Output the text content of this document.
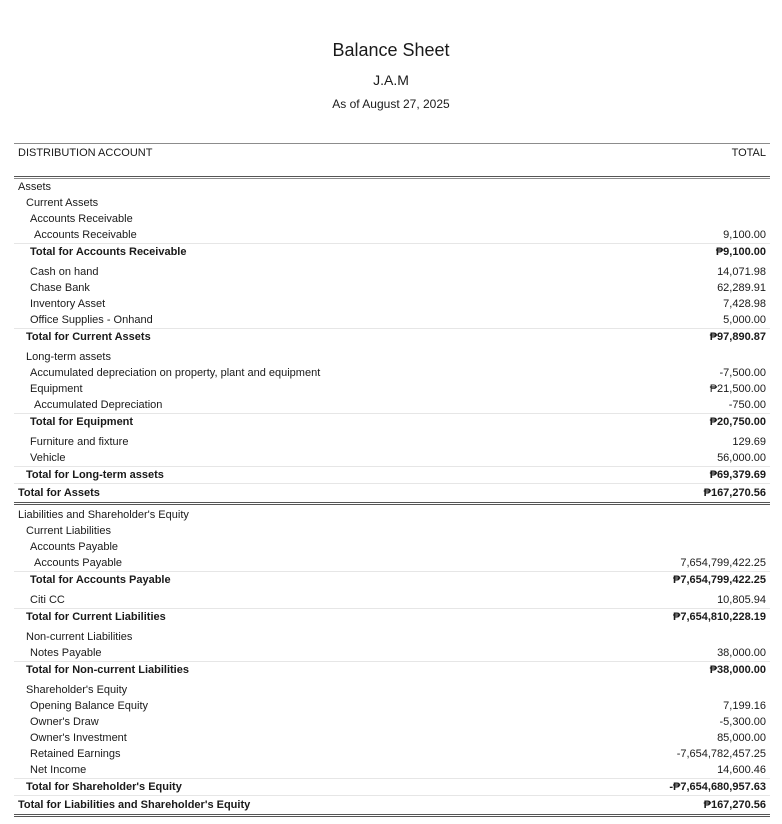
Balance Sheet
J.A.M
As of August 27, 2025
DISTRIBUTION ACCOUNT	TOTAL
Assets
Current Assets
Accounts Receivable
Accounts Receivable	9,100.00
Total for Accounts Receivable	₱9,100.00
Cash on hand	14,071.98
Chase Bank	62,289.91
Inventory Asset	7,428.98
Office Supplies - Onhand	5,000.00
Total for Current Assets	₱97,890.87
Long-term assets
Accumulated depreciation on property, plant and equipment	-7,500.00
Equipment	₱21,500.00
Accumulated Depreciation	-750.00
Total for Equipment	₱20,750.00
Furniture and fixture	129.69
Vehicle	56,000.00
Total for Long-term assets	₱69,379.69
Total for Assets	₱167,270.56
Liabilities and Shareholder's Equity
Current Liabilities
Accounts Payable
Accounts Payable	7,654,799,422.25
Total for Accounts Payable	₱7,654,799,422.25
Citi CC	10,805.94
Total for Current Liabilities	₱7,654,810,228.19
Non-current Liabilities
Notes Payable	38,000.00
Total for Non-current Liabilities	₱38,000.00
Shareholder's Equity
Opening Balance Equity	7,199.16
Owner's Draw	-5,300.00
Owner's Investment	85,000.00
Retained Earnings	-7,654,782,457.25
Net Income	14,600.46
Total for Shareholder's Equity	-₱7,654,680,957.63
Total for Liabilities and Shareholder's Equity	₱167,270.56
